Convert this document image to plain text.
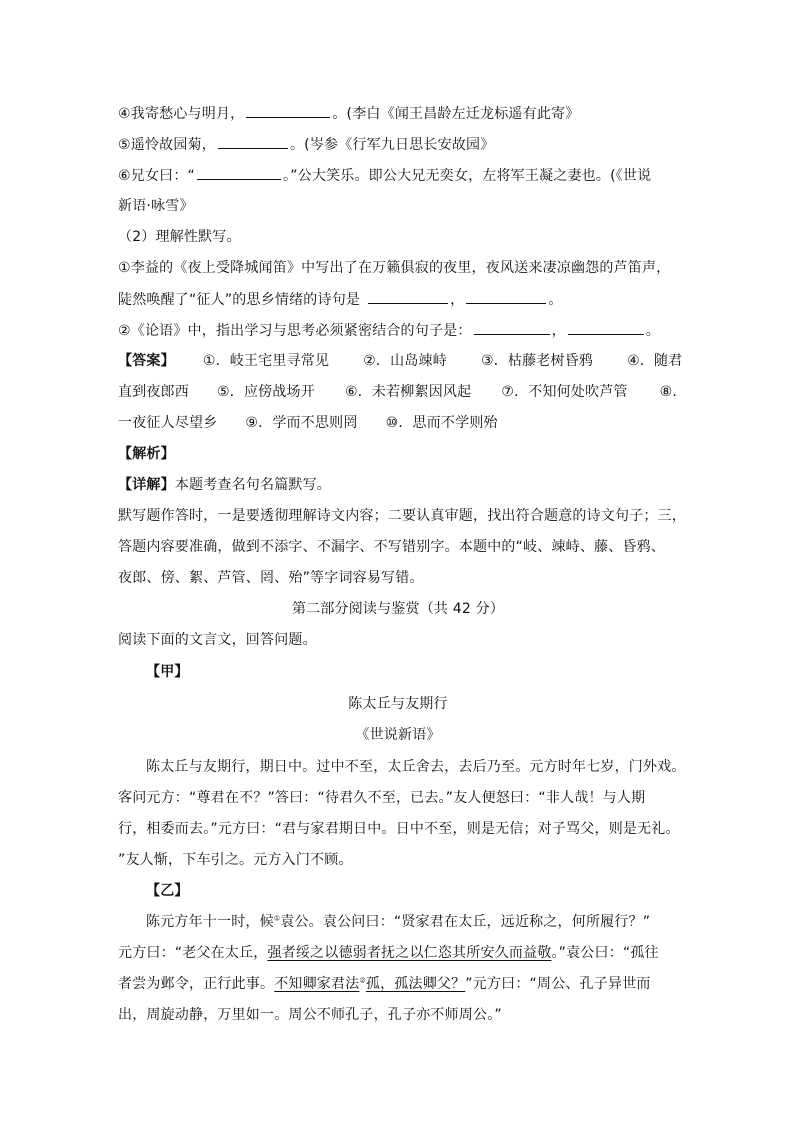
④我寄愁心与明月，	。(李白《闻王昌龄左迁龙标遥有此寄》
⑤遥怜故园菊，	。(岑参《行军九日思长安故园》
⑥兄女曰：“	。”公大笑乐。即公大兄无奕女，左将军王凝之妻也。(《世说
新语·咏雪》
（2）理解性默写。
①李益的《夜上受降城闻笛》中写出了在万籁俱寂的夜里，夜风送来凄凉幽怨的芦笛声，
陡然唤醒了“征人”的思乡情绪的诗句是	，	。
②《论语》中，指出学习与思考必须紧密结合的句子是：	，	。
【答案】 ①．岐王宅里寻常见 ②．山岛竦峙 ③．枯藤老树昏鸦 ④．随君
直到夜郎西 ⑤．应傍战场开 ⑥．未若柳絮因风起 ⑦．不知何处吹芦管 ⑧．
一夜征人尽望乡 ⑨．学而不思则罔 ⑩．思而不学则殆
【解析】
【详解】本题考查名句名篇默写。
默写题作答时，一是要透彻理解诗文内容；二要认真审题，找出符合题意的诗文句子；三，
答题内容要准确，做到不添字、不漏字、不写错别字。本题中的“岐、竦峙、藤、昏鸦、
夜郎、傍、絮、芦管、罔、殆”等字词容易写错。
第二部分阅读与鉴赏（共 42 分）
阅读下面的文言文，回答问题。
【甲】
陈太丘与友期行
《世说新语》
陈太丘与友期行，期日中。过中不至，太丘舍去，去后乃至。元方时年七岁，门外戏。
客问元方：“尊君在不？”答曰：“待君久不至，已去。”友人便怒曰：“非人哉！与人期
行，相委而去。”元方曰：“君与家君期日中。日中不至，则是无信；对子骂父，则是无礼。
”友人惭，下车引之。元方入门不顾。
【乙】
陈元方年十一时，候①袁公。袁公问曰：“贤家君在太丘，远近称之，何所履行？”
元方曰：“老父在太丘，强者绥之以德弱者抚之以仁恣其所安久而益敬。”袁公曰：“孤往
者尝为邺令，正行此事。不知卿家君法②孤，孤法卿父？”元方曰：“周公、孔子异世而
出，周旋动静，万里如一。周公不师孔子，孔子亦不师周公。”
